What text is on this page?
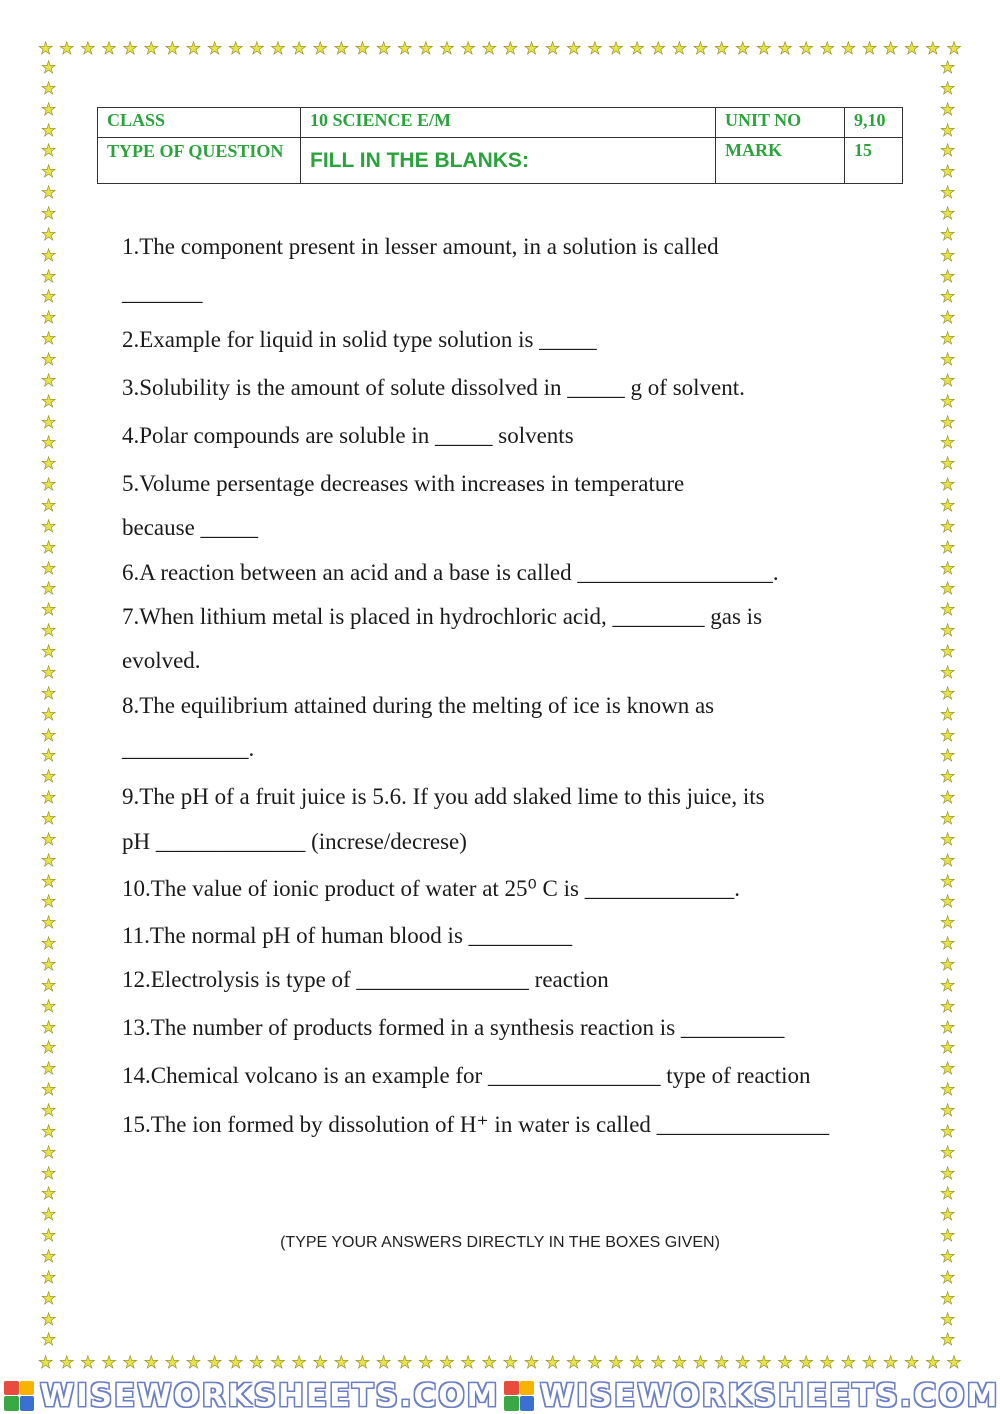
★ ★ ★ ★ ★ ★ ★ ★ ★ ★ ★ ★ ★ ★ ★ ★ ★ ★ ★ ★ ★ ★ ★ ★ ★ ★ ★ ★ ★ ★ ★ ★ ★ ★ ★ ★ ★ ★ ★ ★ ★ ★ ★ ★
★ ★ ★ ★ ★ ★ ★ ★ ★ ★ ★ ★ ★ ★ ★ ★ ★ ★ ★ ★ ★ ★ ★ ★ ★ ★ ★ ★ ★ ★ ★ ★ ★ ★ ★ ★ ★ ★ ★ ★ ★ ★ ★ ★
★
★
★
★
★
★
★
★
★
★
★
★
★
★
★
★
★
★
★
★
★
★
★
★
★
★
★
★
★
★
★
★
★
★
★
★
★
★
★
★
★
★
★
★
★
★
★
★
★
★
★
★
★
★
★
★
★
★
★
★
★
★
★
★
★
★
★
★
★
★
★
★
★
★
★
★
★
★
★
★
★
★
★
★
★
★
★
★
★
★
★
★
★
★
★
★
★
★
★
★
★
★
★
★
★
★
★
★
★
★
★
★
★
★
★
★
★
★
★
★
★
★
★
★
CLASS	10 SCIENCE E/M	UNIT NO	9,10
TYPE OF QUESTION	FILL IN THE BLANKS:	MARK	15
1.The component present in lesser amount, in a solution is called
_______
2.Example for liquid in solid type solution is _____
3.Solubility is the amount of solute dissolved in _____ g of solvent.
4.Polar compounds are soluble in _____ solvents
5.Volume persentage decreases with increases in temperature
because _____
6.A reaction between an acid and a base is called _________________.
7.When lithium metal is placed in hydrochloric acid, ________ gas is
evolved.
8.The equilibrium attained during the melting of ice is known as
___________.
9.The pH of a fruit juice is 5.6. If you add slaked lime to this juice, its
pH _____________ (increse/decrese)
10.The value of ionic product of water at 25⁰ C is _____________.
11.The normal pH of human blood is _________
12.Electrolysis is type of _______________ reaction
13.The number of products formed in a synthesis reaction is _________
14.Chemical volcano is an example for _______________ type of reaction
15.The ion formed by dissolution of H⁺ in water is called _______________
(TYPE YOUR ANSWERS DIRECTLY IN THE BOXES GIVEN)
WISEWORKSHEETS.COM WISEWORKSHEETS.COM
